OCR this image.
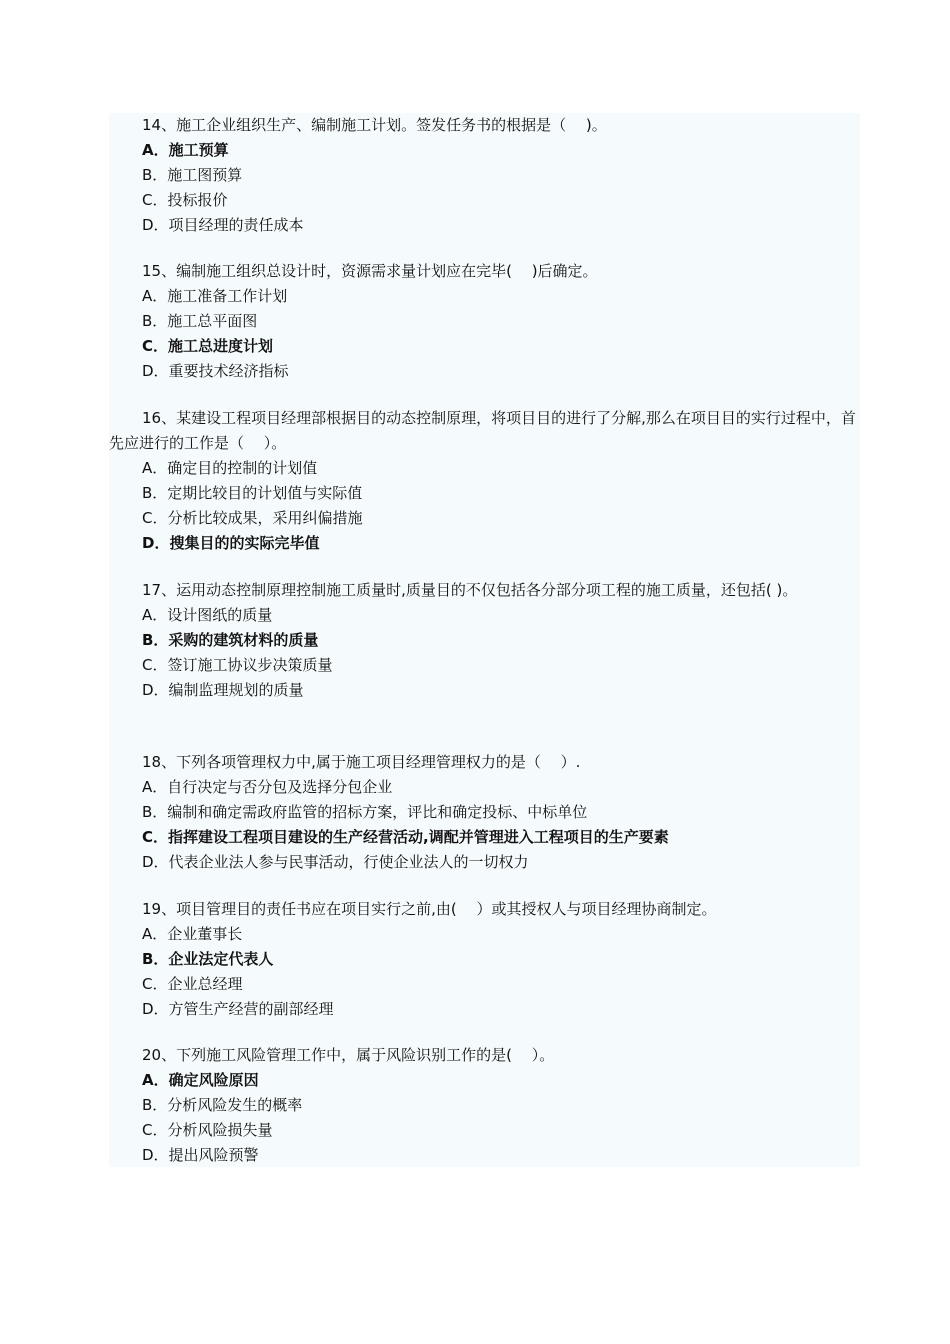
14、施工企业组织生产、编制施工计划。签发任务书的根据是（　 )。
A．施工预算
B．施工图预算
C．投标报价
D．项目经理的责任成本
15、编制施工组织总设计时，资源需求量计划应在完毕(　 )后确定。
A．施工准备工作计划
B．施工总平面图
C．施工总进度计划
D．重要技术经济指标
16、某建设工程项目经理部根据目的动态控制原理，将项目目的进行了分解,那么在项目目的实行过程中，首先应进行的工作是（　 ）。
A．确定目的控制的计划值
B．定期比较目的计划值与实际值
C．分析比较成果，采用纠偏措施
D．搜集目的的实际完毕值
17、运用动态控制原理控制施工质量时,质量目的不仅包括各分部分项工程的施工质量，还包括( )。
A．设计图纸的质量
B．采购的建筑材料的质量
C．签订施工协议步决策质量
D．编制监理规划的质量
18、下列各项管理权力中,属于施工项目经理管理权力的是（　 ）.
A．自行决定与否分包及选择分包企业
B．编制和确定需政府监管的招标方案，评比和确定投标、中标单位
C．指挥建设工程项目建设的生产经营活动,调配并管理进入工程项目的生产要素
D．代表企业法人参与民事活动，行使企业法人的一切权力
19、项目管理目的责任书应在项目实行之前,由(　 ）或其授权人与项目经理协商制定。
A．企业董事长
B．企业法定代表人
C．企业总经理
D．方管生产经营的副部经理
20、下列施工风险管理工作中，属于风险识别工作的是(　 ）。
A．确定风险原因
B．分析风险发生的概率
C．分析风险损失量
D．提出风险预警
